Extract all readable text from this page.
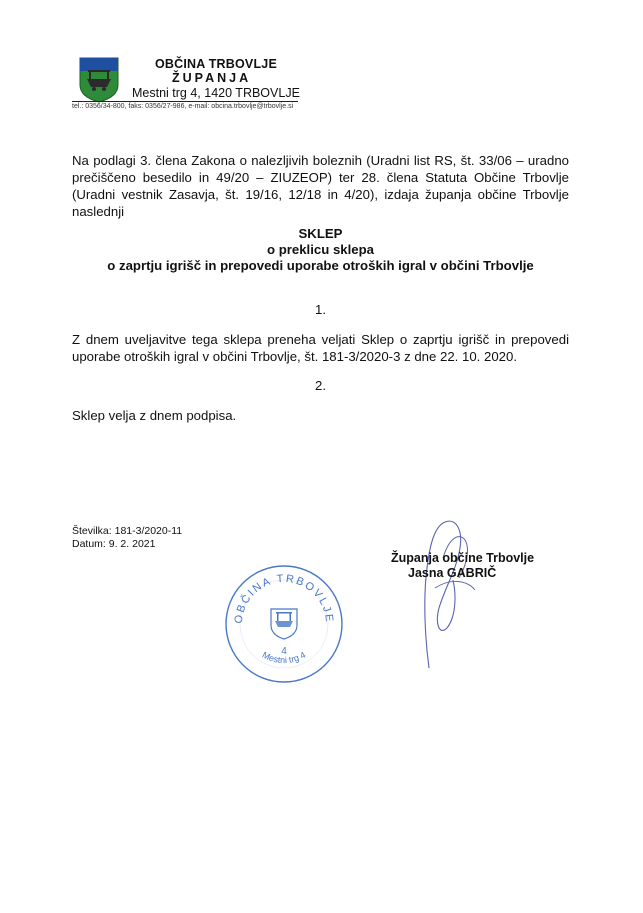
OBČINA TRBOVLJE
ŽUPANJA
Mestni trg 4, 1420 TRBOVLJE
tel.: 0356/34-800, faks: 0356/27-986, e-mail: obcina.trbovlje@trbovlje.si
Na podlagi 3. člena Zakona o nalezljivih boleznih (Uradni list RS, št. 33/06 – uradno prečiščeno besedilo in 49/20 – ZIUZEOP) ter 28. člena Statuta Občine Trbovlje (Uradni vestnik Zasavja, št. 19/16, 12/18 in 4/20), izdaja županja občine Trbovlje naslednji
SKLEP
o preklicu sklepa
o zaprtju igrišč in prepovedi uporabe otroških igral v občini Trbovlje
1.
Z dnem uveljavitve tega sklepa preneha veljati Sklep o zaprtju igrišč in prepovedi uporabe otroških igral v občini Trbovlje, št. 181-3/2020-3 z dne 22. 10. 2020.
2.
Sklep velja z dnem podpisa.
Številka: 181-3/2020-11
Datum: 9. 2. 2021
OBČINA TRBOVLJE
Mestni trg 4
4
Županja občine Trbovlje
Jasna GABRIČ
